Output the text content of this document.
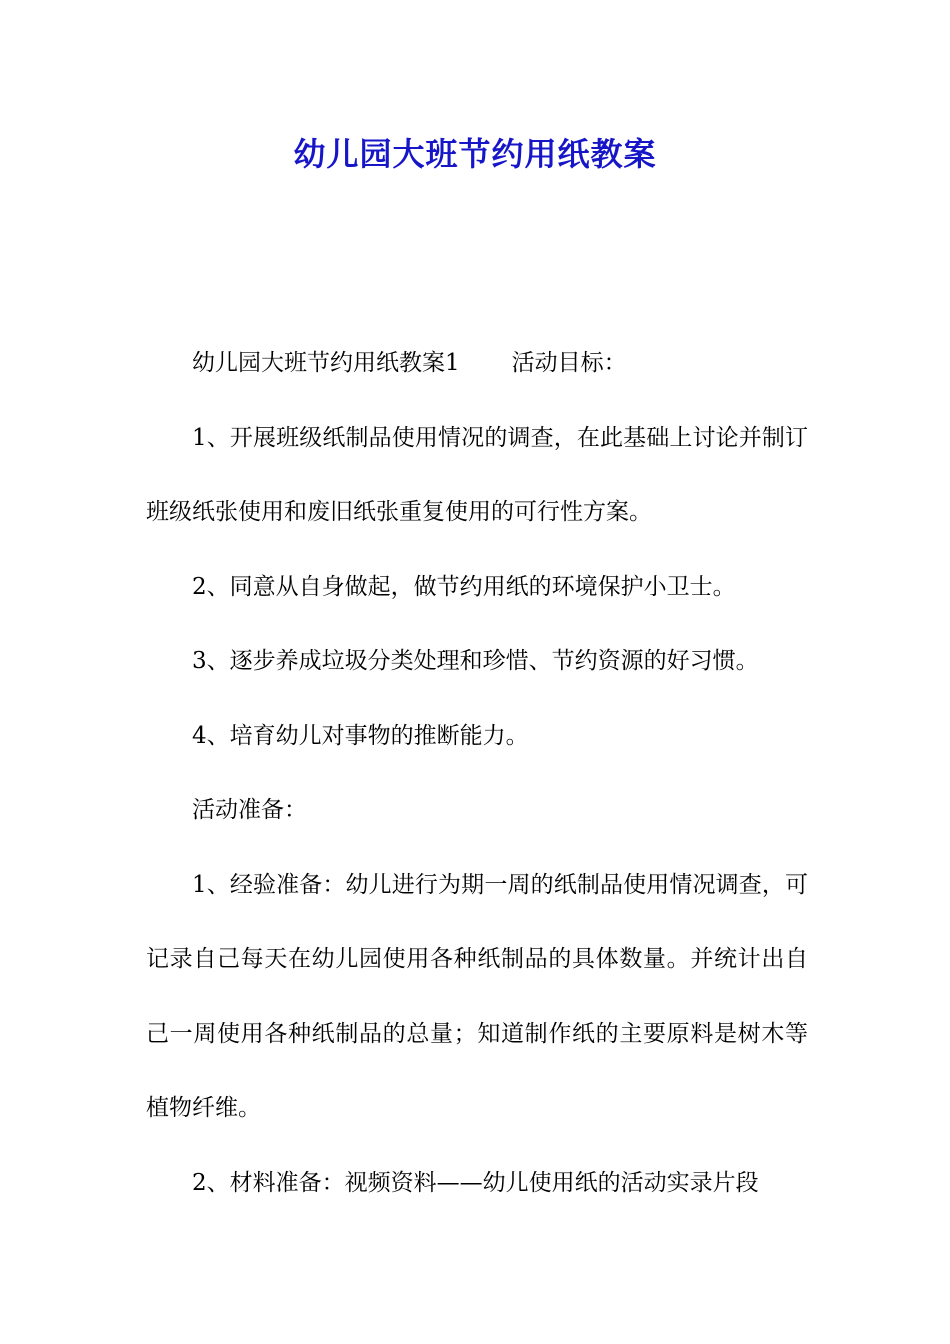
幼儿园大班节约用纸教案

幼儿园大班节约用纸教案1 活动目标：

1、开展班级纸制品使用情况的调查，在此基础上讨论并制订班级纸张使用和废旧纸张重复使用的可行性方案。

2、同意从自身做起，做节约用纸的环境保护小卫士。

3、逐步养成垃圾分类处理和珍惜、节约资源的好习惯。

4、培育幼儿对事物的推断能力。

活动准备：

1、经验准备：幼儿进行为期一周的纸制品使用情况调查，可记录自己每天在幼儿园使用各种纸制品的具体数量。并统计出自己一周使用各种纸制品的总量；知道制作纸的主要原料是树木等植物纤维。

2、材料准备：视频资料——幼儿使用纸的活动实录片段
